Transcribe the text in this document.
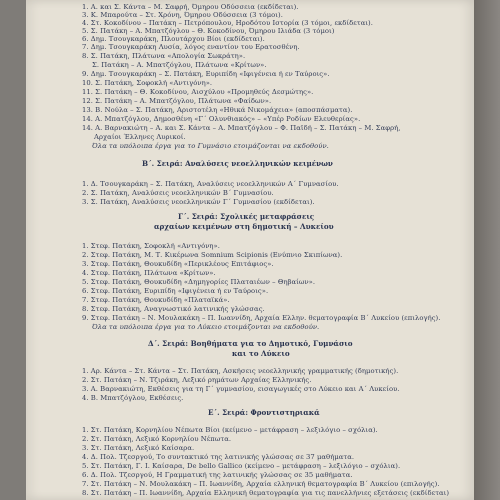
1. Α. και Σ. Κάντα – Μ. Σαφρή, Όμηρου Οδύσσεια (εκδίδεται).
3. Κ. Μπαρούτα – Στ. Χρόνη, Όμηρου Οδύσσεια (3 τόμοι).
4. Στ. Κοκοδίνου – Πατάκη – Πετρόπουλου, Ηροδότου Ιστορία (3 τόμοι, εκδίδεται).
5. Σ. Πατάκη – Α. Μπατζόγλου – Θ. Κοκοδίνου, Όμηρου Ιλιάδα (3 τόμοι)
6. Δημ. Τσουγκαράκη, Πλουτάρχου Βίοι (εκδίδεται).
7. Δημ. Τσουγκαράκη Λυσία, λόγος εναντίον του Ερατοσθένη.
8. Σ. Πατάκη, Πλάτωνα «Απολογία Σωκράτη».
Σ. Πατάκη – Α. Μπατζόγλου, Πλάτωνα «Κρίτων».
9. Δημ. Τσουγκαράκη – Σ. Πατάκη, Ευριπίδη «Ιφιγένεια ή εν Ταύροις».
10. Σ. Πατάκη, Σοφοκλή «Αντιγόνη».
11. Σ. Πατάκη – Θ. Κοκοδίνου, Αισχύλου «Προμηθεύς Δεσμώτης».
12. Σ. Πατάκη – Α. Μπατζόγλου, Πλάτωνα «Φαίδων».
13. Β. Νούλα – Σ. Πατάκη, Αριστοτέλη «Ηθικά Νικομάχεια» (αποσπάσματα).
14. Α. Μπατζόγλου, Δημοσθένη «Γ΄ Ολυνθιακός» – «Υπέρ Ροδίων Ελευθερίας».
14. Α. Βαρνακιώτη – Α. και Σ. Κάντα – Α. Μπατζόγλου – Φ. Παϊδή – Σ. Πατάκη – Μ. Σαφρή,
Αρχαίοι Έλληνες Λυρικοί.
Όλα τα υπόλοιπα έργα για το Γυμνάσιο ετοιμάζονται να εκδοθούν.
Β΄. Σειρά: Αναλύσεις νεοελληνικών κειμένων
1. Δ. Τσουγκαράκη – Σ. Πατάκη, Αναλύσεις νεοελληνικών Α΄ Γυμνασίου.
2. Σ. Πατάκη, Αναλύσεις νεοελληνικών Β΄ Γυμνασίου.
3. Σ. Πατάκη, Αναλύσεις νεοελληνικών Γ΄ Γυμνασίου (εκδίδεται).
Γ΄. Σειρά: Σχολικές μεταφράσεις
αρχαίων κειμένων στη δημοτική – Λυκείου
1. Στεφ. Πατάκη, Σοφοκλή «Αντιγόνη».
2. Στεφ. Πατάκη, Μ. Τ. Κικέρωνα Somnium Scipionis (Ενύπνιο Σκιπίωνα).
3. Στεφ. Πατάκη, Θουκυδίδη «Περικλέους Επιτάφιος».
4. Στεφ. Πατάκη, Πλάτωνα «Κρίτων».
5. Στεφ. Πατάκη, Θουκυδίδη «Δημηγορίες Πλαταιέων – Θηβαίων».
6. Στεφ. Πατάκη, Ευριπίδη «Ιφιγένεια ή εν Ταύροις».
7. Στεφ. Πατάκη, Θουκυδίδη «Πλαταϊκά».
8. Στεφ. Πατάκη, Αναγνωστικό λατινικής γλώσσας.
9. Στεφ. Πατάκη – Ν. Μουλακάκη – Π. Ιωαννίδη, Αρχαία Ελλην. θεματογραφία Β΄ Λυκείου (επιλογής).
Όλα τα υπόλοιπα έργα για το Λύκειο ετοιμάζονται να εκδοθούν.
Δ΄. Σειρά: Βοηθήματα για το Δημοτικό, Γυμνάσιο
και το Λύκειο
1. Αρ. Κάντα – Στ. Κάντα – Στ. Πατάκη, Ασκήσεις νεοελληνικής γραμματικής (δημοτικής).
2. Στ. Πατάκη – Ν. Τζιράκη, Λεξικό ρημάτων Αρχαίας Ελληνικής.
3. Α. Βαρνακιώτη, Εκθέσεις για τη Γ΄ γυμνασίου, εισαγωγικές στο Λύκειο και Α΄ Λυκείου.
4. Β. Μπατζόγλου, Εκθέσεις.
Ε΄. Σειρά: Φροντιστηριακά
1. Στ. Πατάκη, Κορνηλίου Νέπωτα Βίοι (κείμενο – μετάφραση – λεξιλόγιο – σχόλια).
2. Στ. Πατάκη, Λεξικό Κορνηλίου Νέπωτα.
3. Στ. Πατάκη, Λεξικό Καίσαρα.
4. Δ. Πολ. Τζεσργού, Το συντακτικό της λατινικής γλώσσας σε 37 μαθήματα.
5. Στ. Πατάκη, Γ. Ι. Καίσαρα, De bello Gallico (κείμενο – μετάφραση – λεξιλόγιο – σχόλια).
6. Δ. Πολ. Τζεσργού, Η Γραμματική της λατινικής γλώσσας σε 35 μαθήματα.
7. Στ. Πατάκη – Ν. Μουλακάκη – Π. Ιωαννίδη, Αρχαία ελληνική θεματογραφία Β΄ Λυκείου (επιλογής).
8. Στ. Πατάκη – Π. Ιωαννίδη, Αρχαία Ελληνική θεματογραφία για τις πανελλήνιες εξετάσεις (εκδίδεται)
